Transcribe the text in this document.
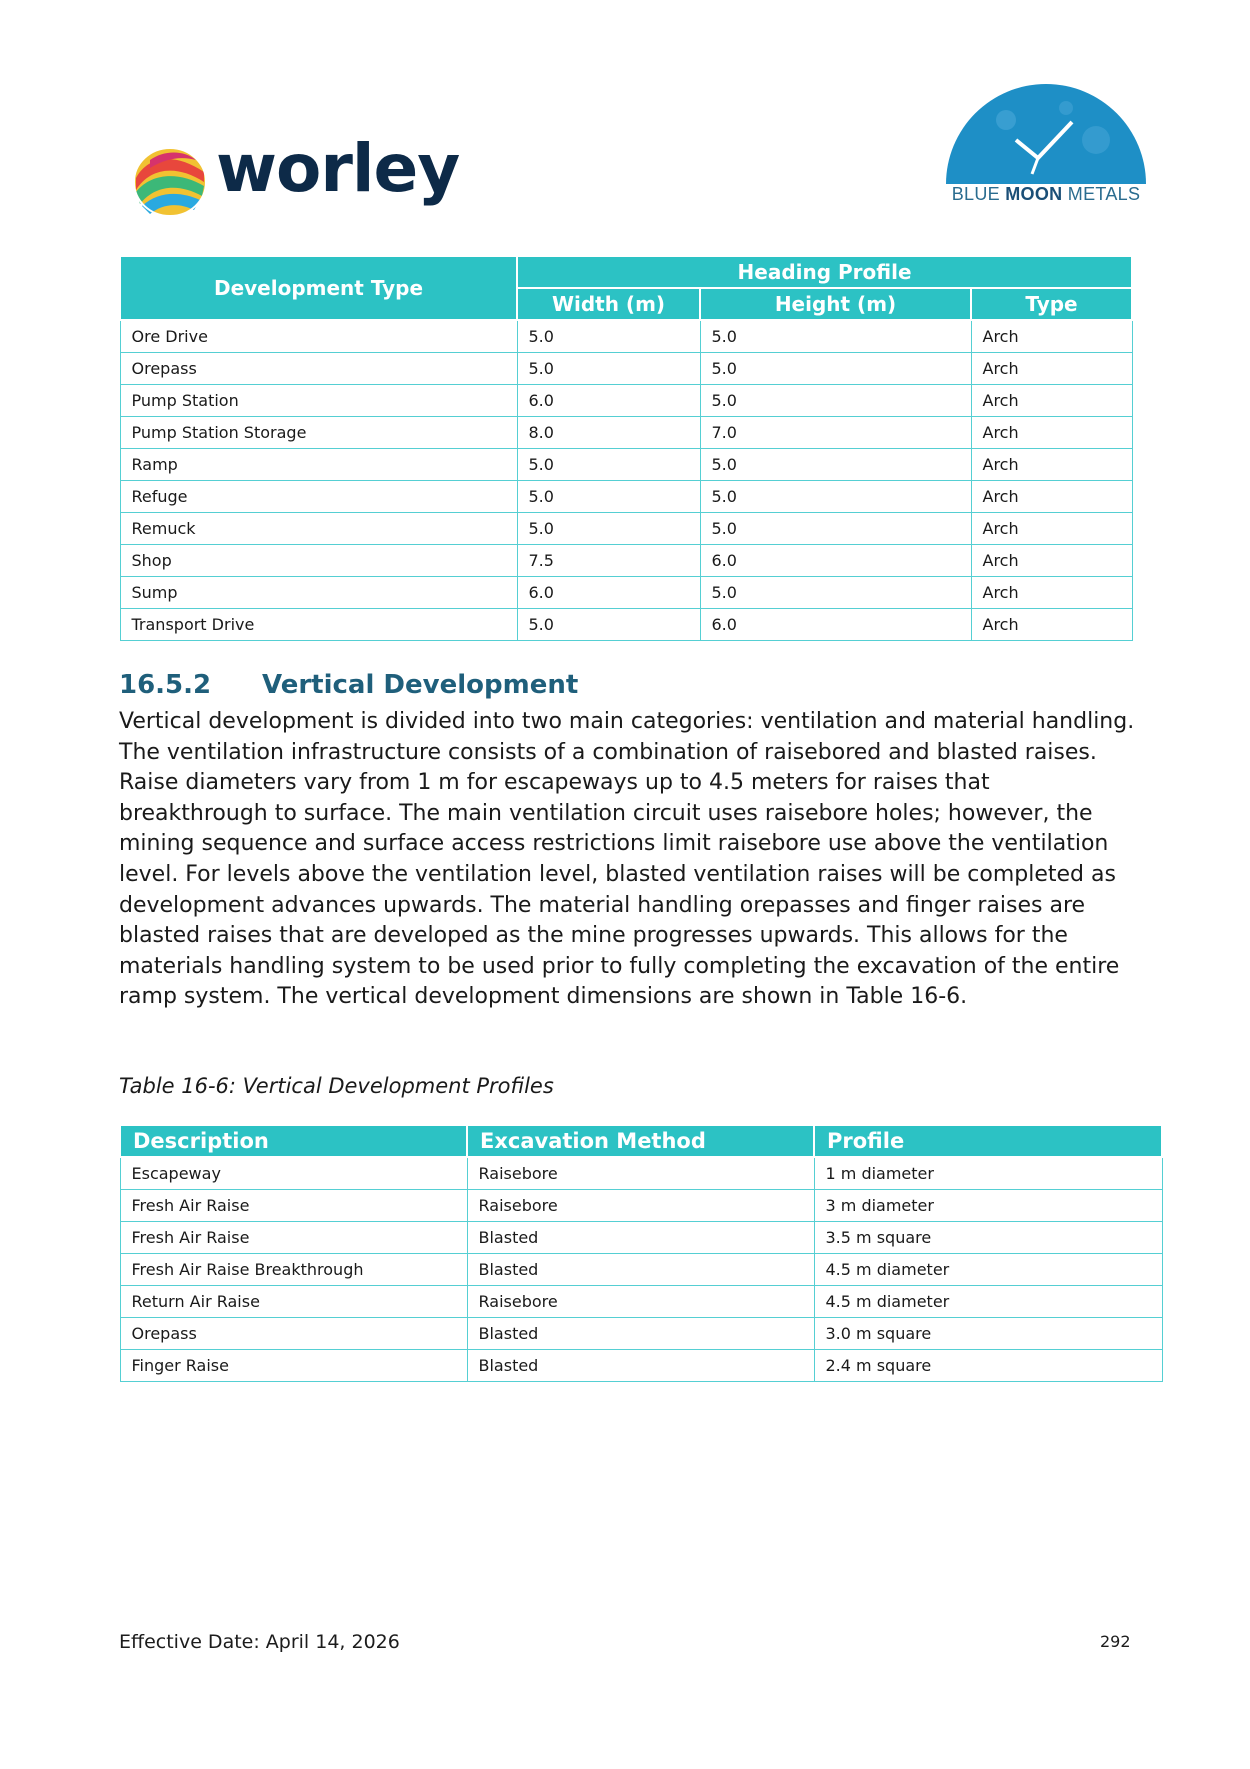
worley	BLUE MOON METALS
Development Type	Heading Profile		
	Width (m)	Height (m)	Type
Ore Drive	5.0	5.0	Arch
Orepass	5.0	5.0	Arch
Pump Station	6.0	5.0	Arch
Pump Station Storage	8.0	7.0	Arch
Ramp	5.0	5.0	Arch
Refuge	5.0	5.0	Arch
Remuck	5.0	5.0	Arch
Shop	7.5	6.0	Arch
Sump	6.0	5.0	Arch
Transport Drive	5.0	6.0	Arch
16.5.2 Vertical Development
Vertical development is divided into two main categories: ventilation and material handling. The ventilation infrastructure consists of a combination of raisebored and blasted raises. Raise diameters vary from 1 m for escapeways up to 4.5 meters for raises that breakthrough to surface. The main ventilation circuit uses raisebore holes; however, the mining sequence and surface access restrictions limit raisebore use above the ventilation level. For levels above the ventilation level, blasted ventilation raises will be completed as development advances upwards. The material handling orepasses and finger raises are blasted raises that are developed as the mine progresses upwards. This allows for the materials handling system to be used prior to fully completing the excavation of the entire ramp system. The vertical development dimensions are shown in Table 16-6.
Table 16-6: Vertical Development Profiles
Description	Excavation Method	Profile
Escapeway	Raisebore	1 m diameter
Fresh Air Raise	Raisebore	3 m diameter
Fresh Air Raise	Blasted	3.5 m square
Fresh Air Raise Breakthrough	Blasted	4.5 m diameter
Return Air Raise	Raisebore	4.5 m diameter
Orepass	Blasted	3.0 m square
Finger Raise	Blasted	2.4 m square
Effective Date: April 14, 2026	292
